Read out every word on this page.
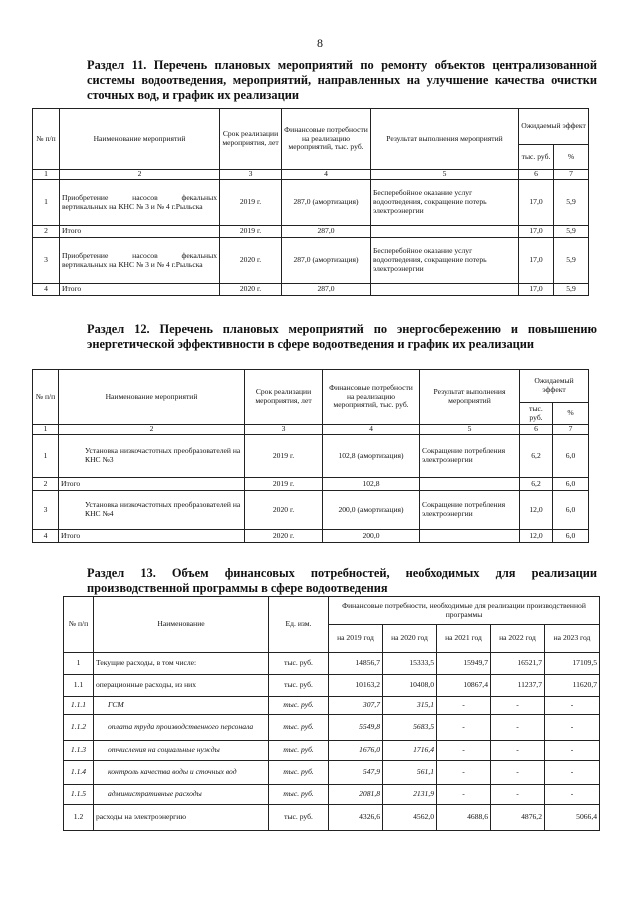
8
Раздел 11. Перечень плановых мероприятий по ремонту объектов централизованной системы водоотведения, мероприятий, направленных на улучшение качества очистки сточных вод, и график их реализации
№ п/п	Наименование мероприятий	Срок реализации мероприятия, лет	Финансовые потребности на реализацию мероприятий, тыс. руб.	Результат выполнения мероприятий	Ожидаемый эффект	
					тыс. руб.	%
1	2	3	4	5	6	7
1	Приобретение насосов фекальных вертикальных на КНС № 3 и № 4 г.Рыльска	2019 г.	287,0 (амортизация)	Бесперебойное оказание услуг водоотведения, сокращение потерь электроэнергии	17,0	5,9
2	Итого	2019 г.	287,0		17,0	5,9
3	Приобретение насосов фекальных вертикальных на КНС № 3 и № 4 г.Рыльска	2020 г.	287,0 (амортизация)	Бесперебойное оказание услуг водоотведения, сокращение потерь электроэнергии	17,0	5,9
4	Итого	2020 г.	287,0		17,0	5,9
Раздел 12. Перечень плановых мероприятий по энергосбережению и повышению энергетической эффективности в сфере водоотведения и график их реализации
№ п/п	Наименование мероприятий	Срок реализации мероприятия, лет	Финансовые потребности на реализацию мероприятий, тыс. руб.	Результат выполнения мероприятий	Ожидаемый эффект	
					тыс. руб.	%
1	2	3	4	5	6	7
1	Установка низкочастотных преобразователей на КНС №3	2019 г.	102,8 (амортизация)	Сокращение потребления электроэнергии	6,2	6,0
2	Итого	2019 г.	102,8		6,2	6,0
3	Установка низкочастотных преобразователей на КНС №4	2020 г.	200,0 (амортизация)	Сокращение потребления электроэнергии	12,0	6,0
4	Итого	2020 г.	200,0		12,0	6,0
Раздел 13. Объем финансовых потребностей, необходимых для реализации производственной программы в сфере водоотведения
№ п/п	Наименование	Ед. изм.	Финансовые потребности, необходимые для реализации производственной программы				
			на 2019 год	на 2020 год	на 2021 год	на 2022 год	на 2023 год
1	Текущие расходы, в том числе:	тыс. руб.	14856,7	15333,5	15949,7	16521,7	17109,5
1.1	операционные расходы, из них	тыс. руб.	10163,2	10408,0	10867,4	11237,7	11620,7
1.1.1	ГСМ	тыс. руб.	307,7	315,1	-	-	-
1.1.2	оплата труда производственного персонала	тыс. руб.	5549,8	5683,5	-	-	-
1.1.3	отчисления на социальные нужды	тыс. руб.	1676,0	1716,4	-	-	-
1.1.4	контроль качества воды и сточных вод	тыс. руб.	547,9	561,1	-	-	-
1.1.5	административные расходы	тыс. руб.	2081,8	2131,9	-	-	-
1.2	расходы на электроэнергию	тыс. руб.	4326,6	4562,0	4688,6	4876,2	5066,4
